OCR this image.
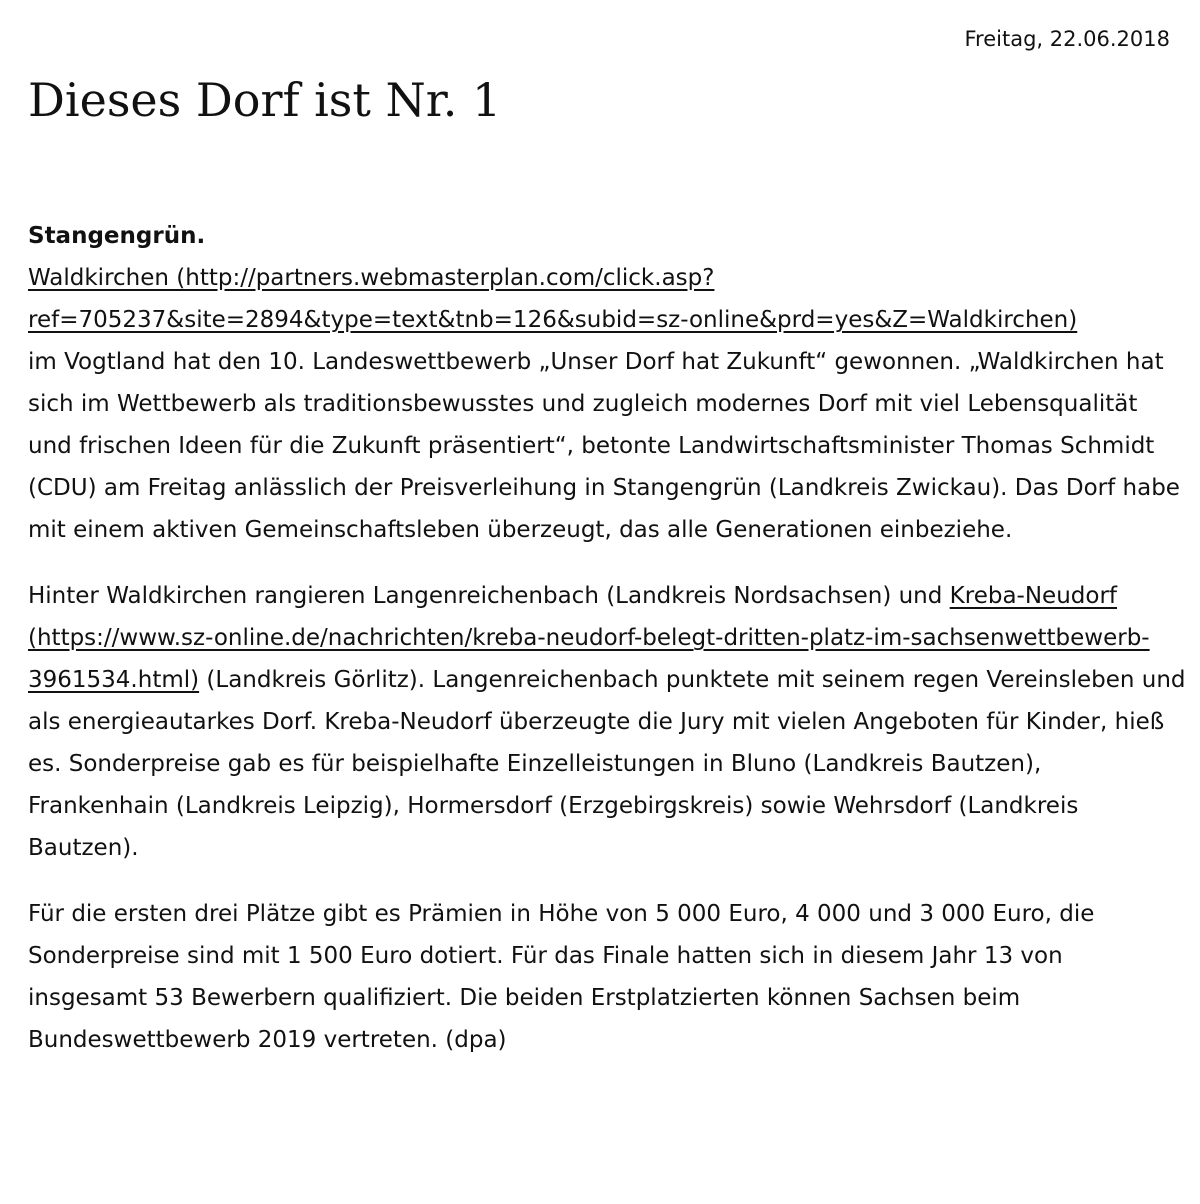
Freitag, 22.06.2018
Dieses Dorf ist Nr. 1

Stangengrün.
Waldkirchen (http://partners.webmasterplan.com/click.asp?ref=705237&site=2894&type=text&tnb=126&subid=sz-online&prd=yes&Z=Waldkirchen)
im Vogtland hat den 10. Landeswettbewerb „Unser Dorf hat Zukunft“ gewonnen. „Waldkirchen hat sich im Wettbewerb als traditionsbewusstes und zugleich modernes Dorf mit viel Lebensqualität und frischen Ideen für die Zukunft präsentiert“, betonte Landwirtschaftsminister Thomas Schmidt (CDU) am Freitag anlässlich der Preisverleihung in Stangengrün (Landkreis Zwickau). Das Dorf habe mit einem aktiven Gemeinschaftsleben überzeugt, das alle Generationen einbeziehe.

Hinter Waldkirchen rangieren Langenreichenbach (Landkreis Nordsachsen) und Kreba-Neudorf (https://www.sz-online.de/nachrichten/kreba-neudorf-belegt-dritten-platz-im-sachsenwettbewerb-3961534.html) (Landkreis Görlitz). Langenreichenbach punktete mit seinem regen Vereinsleben und als energieautarkes Dorf. Kreba-Neudorf überzeugte die Jury mit vielen Angeboten für Kinder, hieß es. Sonderpreise gab es für beispielhafte Einzelleistungen in Bluno (Landkreis Bautzen), Frankenhain (Landkreis Leipzig), Hormersdorf (Erzgebirgskreis) sowie Wehrsdorf (Landkreis Bautzen).

Für die ersten drei Plätze gibt es Prämien in Höhe von 5 000 Euro, 4 000 und 3 000 Euro, die Sonderpreise sind mit 1 500 Euro dotiert. Für das Finale hatten sich in diesem Jahr 13 von insgesamt 53 Bewerbern qualifiziert. Die beiden Erstplatzierten können Sachsen beim Bundeswettbewerb 2019 vertreten. (dpa)
